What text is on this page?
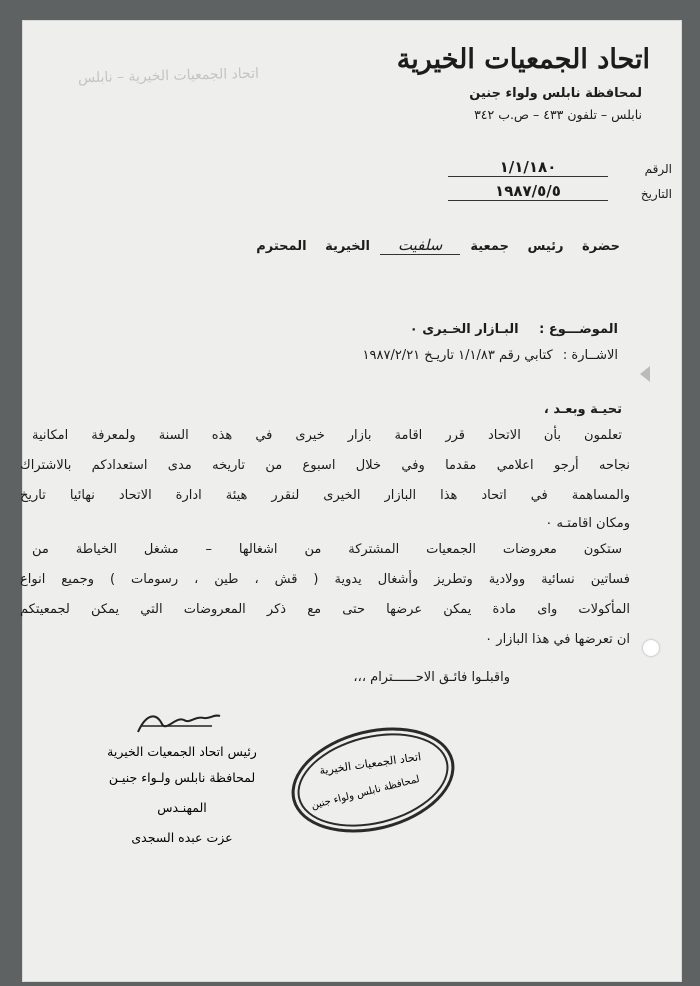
اتحاد الجمعيات الخيرية
لمحافظة نابلس ولواء جنين
نابلس – تلفون ٤٣٣ – ص.ب ٣٤٢
اتحاد الجمعيات الخيرية – نابلس
الرقم
١/١/١٨٠
التاريخ
١٩٨٧/٥/٥
حضرة رئيس جمعيةسلفيتالخيرية المحترم
الموضـــوع : البـازار الخـيرى ٠
الاشــارة : كتابي رقم ١/١/٨٣ تاريـخ ١٩٨٧/٢/٢١
تحيـة وبعـد ،
تعلمون بأن الاتحاد قرر اقامة بازار خيرى في هذه السنة ولمعرفة امكانية
نجاحه أرجو اعلامي مقدما وفي خلال اسبوع من تاريخه مدى استعدادكم بالاشتراك
والمساهمة في اتحاد هذا البازار الخيرى لنقرر هيئة ادارة الاتحاد نهائيا تاريخ
ومكان اقامتـه ٠
ستكون معروضات الجمعيات المشتركة من اشغالها – مشغل الخياطة من
فساتين نسائية وولادية وتطريز وأشغال يدوية ( قش ، طين ، رسومات ) وجميع انواع
المأكولات واى مادة يمكن عرضها حتى مع ذكر المعروضات التي يمكن لجمعيتكم
ان تعرضها في هذا البازار ٠
واقبلـوا فائـق الاحــــــترام ،،،
رئيس اتحاد الجمعيات الخيرية
لمحافظة نابلس ولـواء جنيـن
المهنـدس
عزت عبده السجدى
اتحاد الجمعيات الخيرية
لمحافظة نابلس ولواء جنين
